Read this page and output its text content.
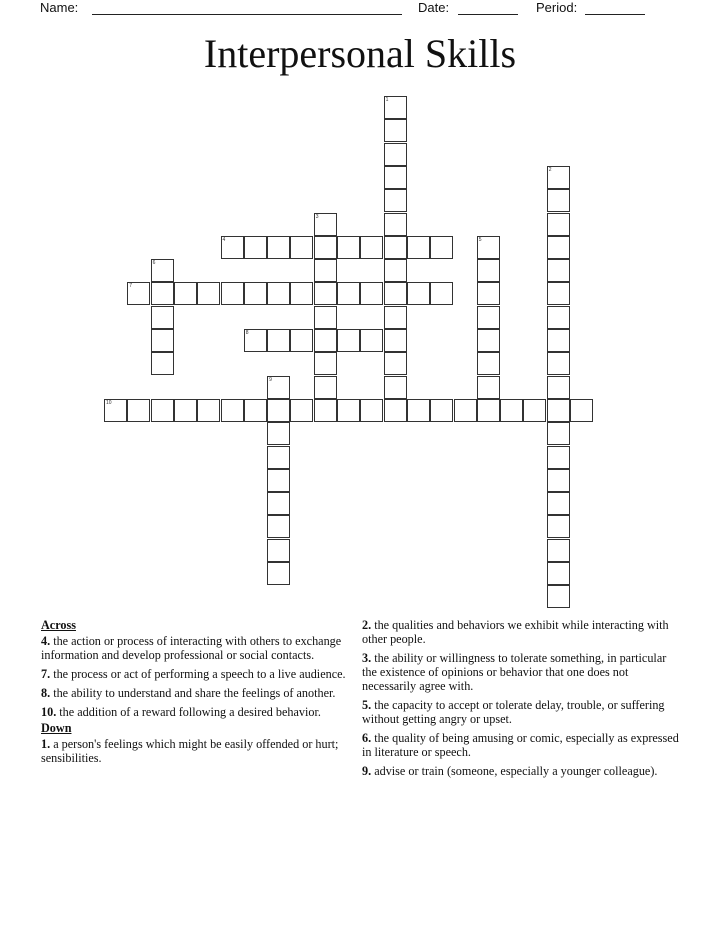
Name:	Date:	Period:
Interpersonal Skills
1
2
3
4	5
6
7
8
9
10
Across
4. the action or process of interacting with others to exchange information and develop professional or social contacts.
7. the process or act of performing a speech to a live audience.
8. the ability to understand and share the feelings of another.
10. the addition of a reward following a desired behavior.
Down
1. a person's feelings which might be easily offended or hurt; sensibilities.
2. the qualities and behaviors we exhibit while interacting with other people.
3. the ability or willingness to tolerate something, in particular the existence of opinions or behavior that one does not necessarily agree with.
5. the capacity to accept or tolerate delay, trouble, or suffering without getting angry or upset.
6. the quality of being amusing or comic, especially as expressed in literature or speech.
9. advise or train (someone, especially a younger colleague).
